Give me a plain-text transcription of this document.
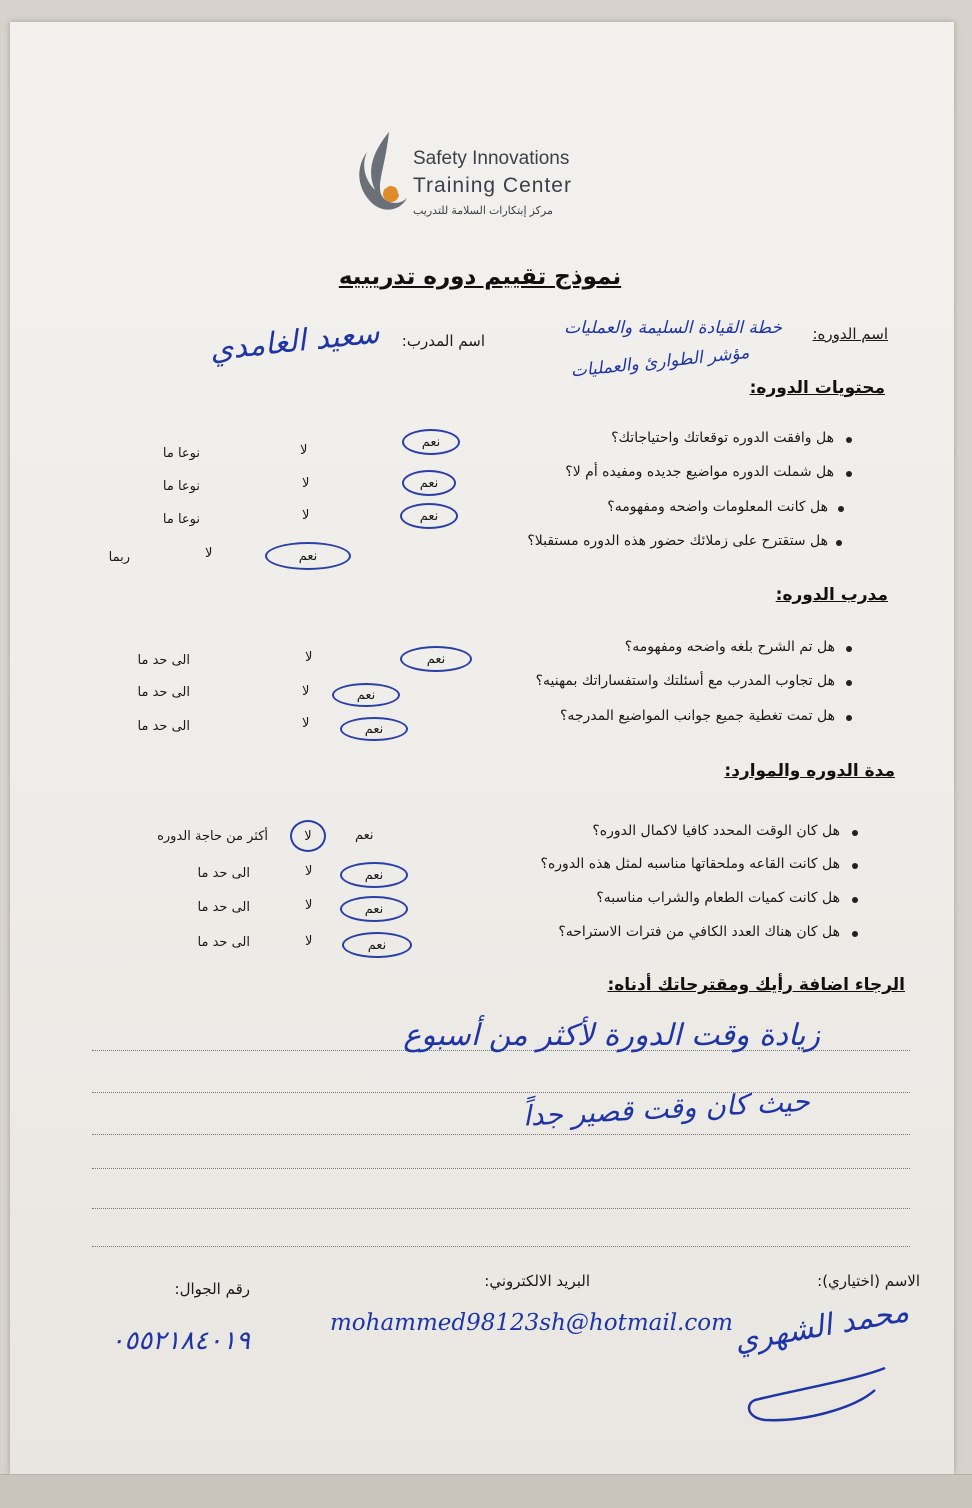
Safety Innovations
Training Center
مركز إبتكارات السلامة للتدريب
نموذج تقييم دوره تدريبيه
اسم الدوره:
اسم المدرب:
خطة القيادة السليمة والعمليات
مؤشر الطوارئ والعمليات
سعيد الغامدي
محتويات الدوره:
هل وافقت الدوره توقعاتك واحتياجاتك؟
نعم
لا
نوعا ما
هل شملت الدوره مواضيع جديده ومفيده أم لا؟
نعم
لا
نوعا ما
هل كانت المعلومات واضحه ومفهومه؟
نعم
لا
نوعا ما
هل ستقترح على زملائك حضور هذه الدوره مستقبلا؟
نعم
لا
ربما
مدرب الدوره:
هل تم الشرح بلغه واضحه ومفهومه؟
نعم
لا
الى حد ما
هل تجاوب المدرب مع أسئلتك واستفساراتك بمهنيه؟
نعم
لا
الى حد ما
هل تمت تغطية جميع جوانب المواضيع المدرجه؟
نعم
لا
الى حد ما
مدة الدوره والموارد:
هل كان الوقت المحدد كافيا لاكمال الدوره؟
نعم
لا
أكثر من حاجة الدوره
هل كانت القاعه وملحقاتها مناسبه لمثل هذه الدوره؟
نعم
لا
الى حد ما
هل كانت كميات الطعام والشراب مناسبه؟
نعم
لا
الى حد ما
هل كان هناك العدد الكافي من فترات الاستراحه؟
نعم
لا
الى حد ما
الرجاء اضافة رأيك ومقترحاتك أدناه:
زيادة وقت الدورة لأكثر من أسبوع
حيث كان وقت قصير جداً
الاسم (اختياري):
البريد الالكتروني:
رقم الجوال:
mohammed98123sh@hotmail.com
٠٥٥٢١٨٤٠١٩	محمد الشهري
